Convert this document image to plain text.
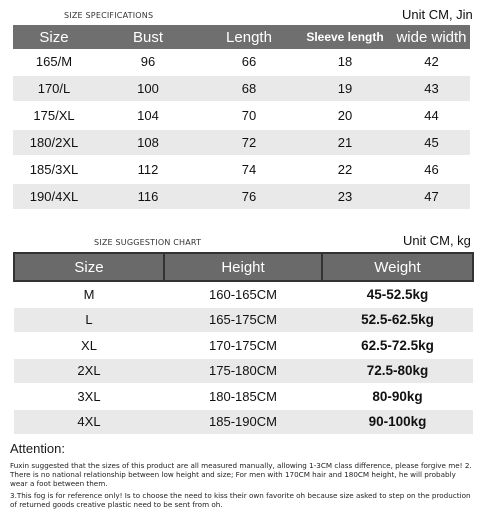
SIZE SPECIFICATIONS	Unit CM, Jin
Size	Bust	Length	Sleeve length	wide width
165/M	96	66	18	42
170/L	100	68	19	43
175/XL	104	70	20	44
180/2XL	108	72	21	45
185/3XL	112	74	22	46
190/4XL	116	76	23	47
SIZE SUGGESTION CHART	Unit CM, kg
Size	Height	Weight
M	160-165CM	45-52.5kg
L	165-175CM	52.5-62.5kg
XL	170-175CM	62.5-72.5kg
2XL	175-180CM	72.5-80kg
3XL	180-185CM	80-90kg
4XL	185-190CM	90-100kg
Attention:
Fuxin suggested that the sizes of this product are all measured manually, allowing 1-3CM class difference, please forgive me! 2. There is no national relationship between low height and size; For men with 170CM hair and 180CM height, he will probably wear a foot between them.
3.This fog is for reference only! Is to choose the need to kiss their own favorite oh because size asked to step on the production of returned goods creative plastic need to be sent from oh.
